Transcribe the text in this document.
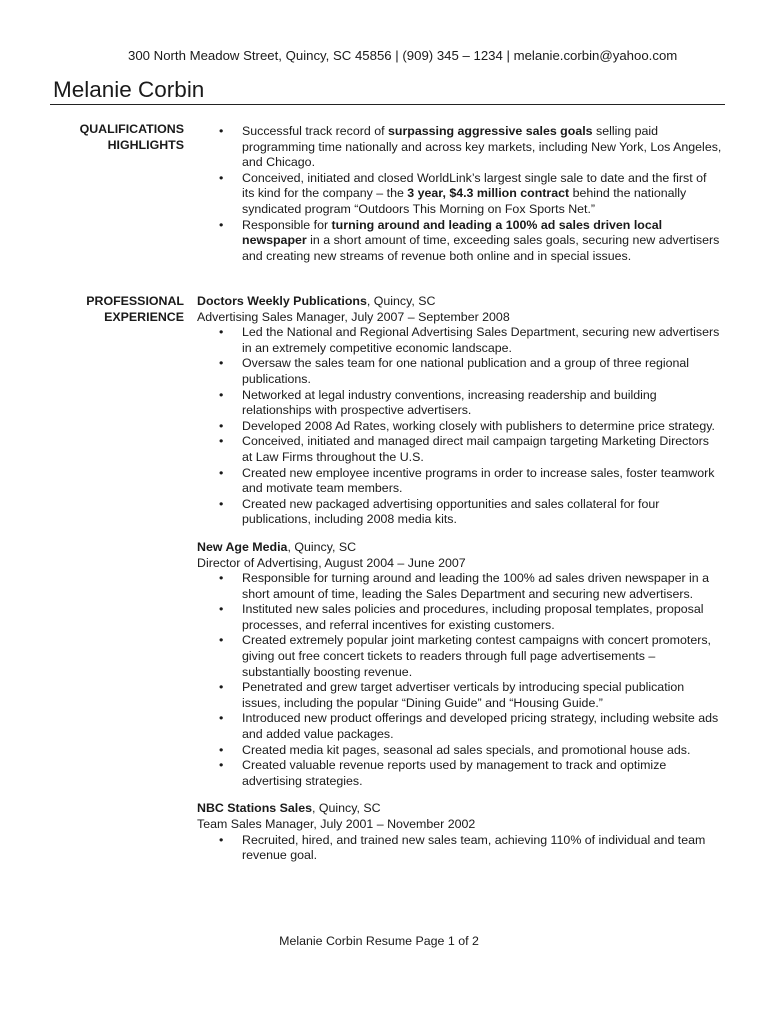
300 North Meadow Street, Quincy, SC 45856 | (909) 345 – 1234 | melanie.corbin@yahoo.com
Melanie Corbin
QUALIFICATIONS
HIGHLIGHTS
• Successful track record of surpassing aggressive sales goals selling paid programming time nationally and across key markets, including New York, Los Angeles, and Chicago.
• Conceived, initiated and closed WorldLink’s largest single sale to date and the first of its kind for the company – the 3 year, $4.3 million contract behind the nationally syndicated program “Outdoors This Morning on Fox Sports Net.”
• Responsible for turning around and leading a 100% ad sales driven local newspaper in a short amount of time, exceeding sales goals, securing new advertisers and creating new streams of revenue both online and in special issues.
PROFESSIONAL
EXPERIENCE
Doctors Weekly Publications, Quincy, SC
Advertising Sales Manager, July 2007 – September 2008
• Led the National and Regional Advertising Sales Department, securing new advertisers in an extremely competitive economic landscape.
• Oversaw the sales team for one national publication and a group of three regional publications.
• Networked at legal industry conventions, increasing readership and building relationships with prospective advertisers.
• Developed 2008 Ad Rates, working closely with publishers to determine price strategy.
• Conceived, initiated and managed direct mail campaign targeting Marketing Directors at Law Firms throughout the U.S.
• Created new employee incentive programs in order to increase sales, foster teamwork and motivate team members.
• Created new packaged advertising opportunities and sales collateral for four publications, including 2008 media kits.
New Age Media, Quincy, SC
Director of Advertising, August 2004 – June 2007
• Responsible for turning around and leading the 100% ad sales driven newspaper in a short amount of time, leading the Sales Department and securing new advertisers.
• Instituted new sales policies and procedures, including proposal templates, proposal processes, and referral incentives for existing customers.
• Created extremely popular joint marketing contest campaigns with concert promoters, giving out free concert tickets to readers through full page advertisements – substantially boosting revenue.
• Penetrated and grew target advertiser verticals by introducing special publication issues, including the popular “Dining Guide” and “Housing Guide.”
• Introduced new product offerings and developed pricing strategy, including website ads and added value packages.
• Created media kit pages, seasonal ad sales specials, and promotional house ads.
• Created valuable revenue reports used by management to track and optimize advertising strategies.
NBC Stations Sales, Quincy, SC
Team Sales Manager, July 2001 – November 2002
• Recruited, hired, and trained new sales team, achieving 110% of individual and team revenue goal.
Melanie Corbin Resume Page 1 of 2
